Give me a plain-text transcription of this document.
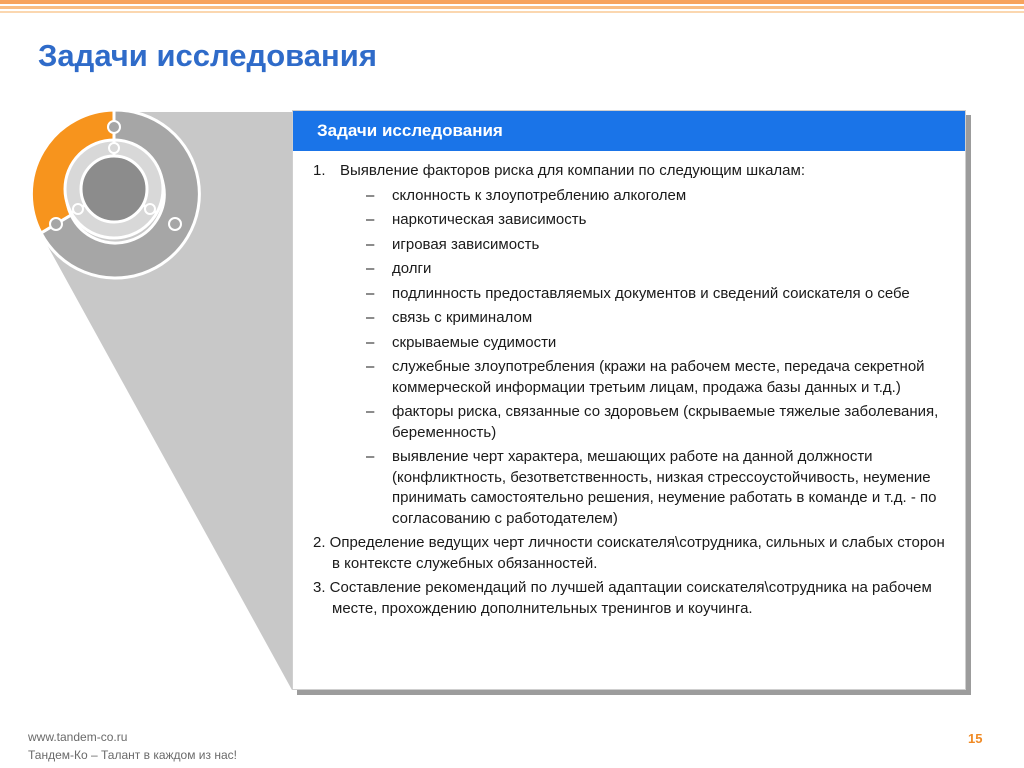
Задачи исследования
Задачи исследования
1. Выявление факторов риска для компании по следующим шкалам:
–	склонность к злоупотреблению алкоголем
–	наркотическая зависимость
–	игровая зависимость
–	долги
–	подлинность предоставляемых документов и сведений соискателя о себе
–	связь с криминалом
–	скрываемые судимости
–	служебные злоупотребления (кражи на рабочем месте, передача секретной коммерческой информации третьим лицам, продажа базы данных и т.д.)
–	факторы риска, связанные со здоровьем (скрываемые тяжелые заболевания, беременность)
–	выявление черт характера, мешающих работе на данной должности (конфликтность, безответственность, низкая стрессоустойчивость, неумение принимать самостоятельно решения, неумение работать в команде и т.д. - по согласованию с работодателем)
2. Определение ведущих черт личности соискателя\сотрудника, сильных и слабых сторон в контексте служебных обязанностей.
3. Составление рекомендаций по лучшей адаптации соискателя\сотрудника на рабочем месте, прохождению дополнительных тренингов и коучинга.
www.tandem-co.ru
Тандем-Ко – Талант в каждом из нас!
15
